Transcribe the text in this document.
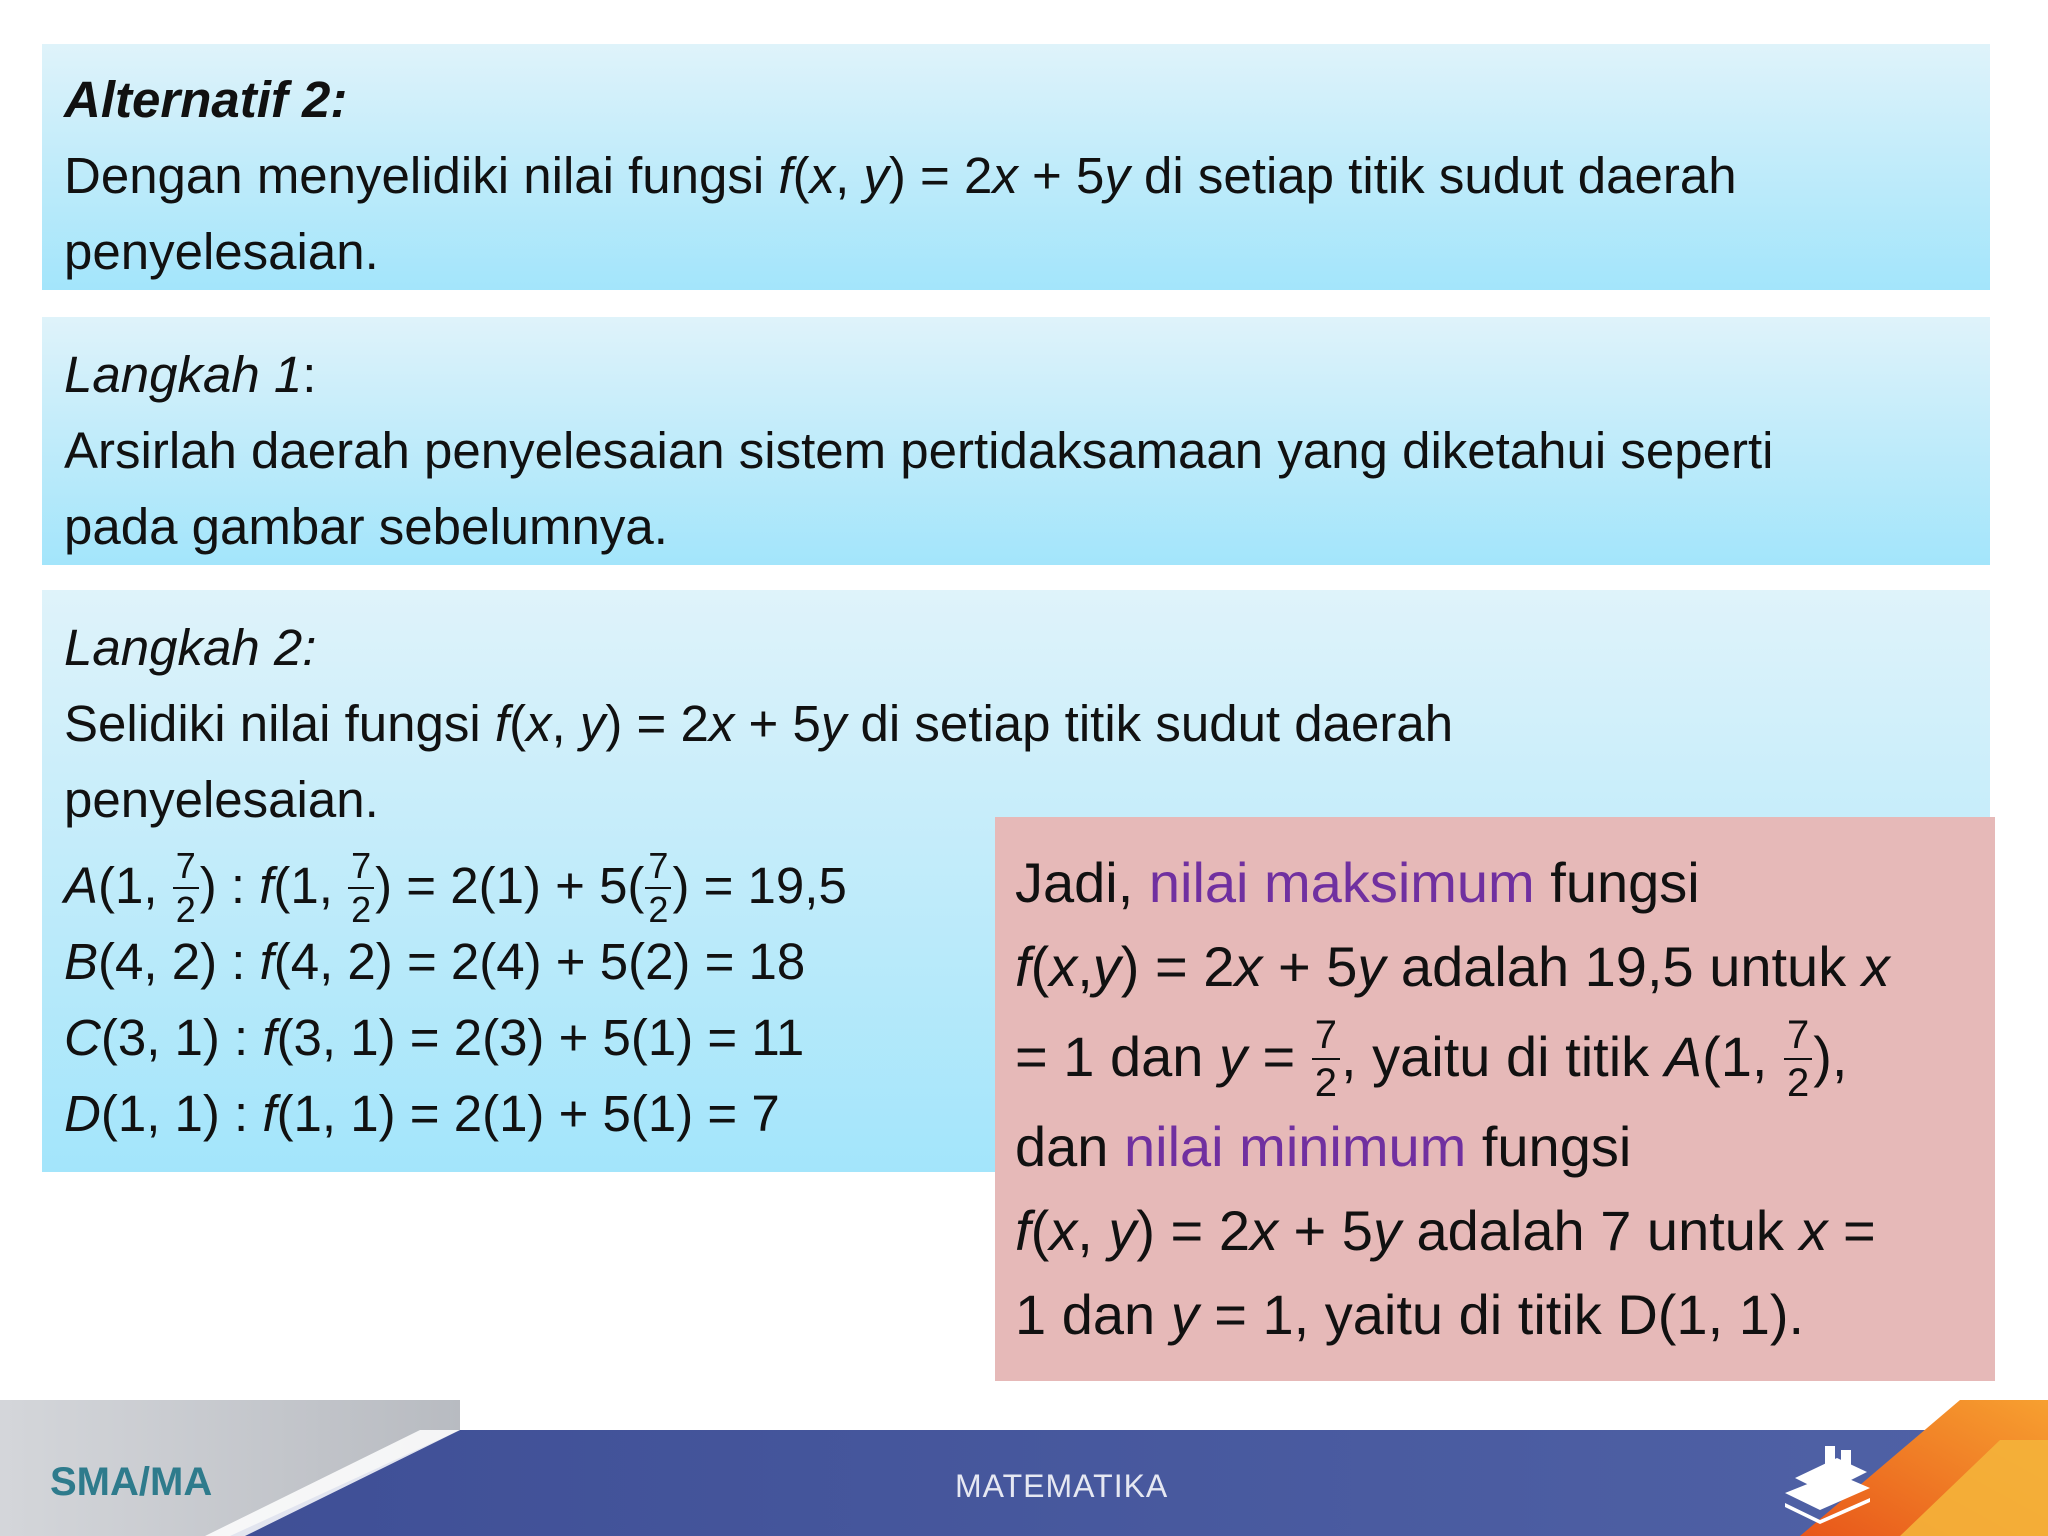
Alternatif 2:
Dengan menyelidiki nilai fungsi f(x, y) = 2x + 5y di setiap titik sudut daerah
penyelesaian.
Langkah 1:
Arsirlah daerah penyelesaian sistem pertidaksamaan yang diketahui seperti
pada gambar sebelumnya.
Langkah 2:
Selidiki nilai fungsi f(x, y) = 2x + 5y di setiap titik sudut daerah
penyelesaian.
A(1, $\frac{7}{2}$ ) : f(1, $\frac{7}{2}$ ) = $2(1) + 5( \frac{7}{2}$ ) = 19,5
B(4, 2) : f(4, 2) = 2(4) + 5(2) = 18
C(3, 1) : f(3, 1) = 2(3) + 5(1) = 11
D(1, 1) : f(1, 1) = 2(1) + 5(1) = 7
Jadi, nilai maksimum fungsi
f(x,y) = 2x + 5y adalah 19,5 untuk x
= 1 dan $y = \frac{7}{2}$ , yaitu di titik A(1, $\frac{7}{2}$ ),
dan nilai minimum fungsi
f(x, y) = 2x + 5y adalah 7 untuk x =
1 dan y = 1, yaitu di titik D(1, 1).
SMA/MA	MATEMATIKA
